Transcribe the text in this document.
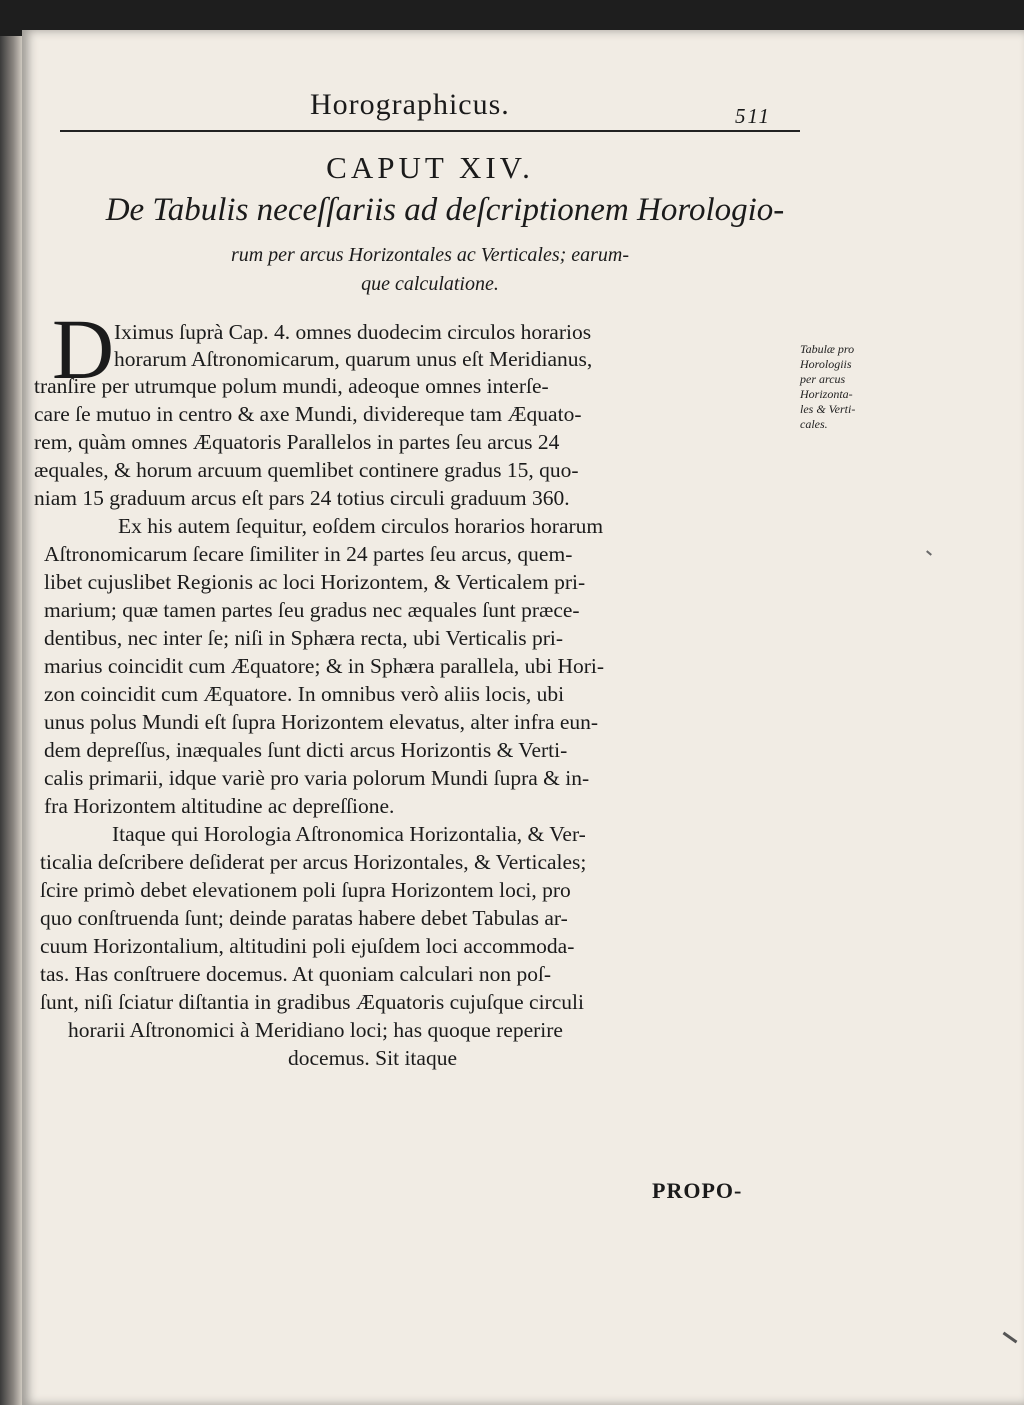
Horographicus.	511
CAPUT XIV.
De Tabulis neceſſariis ad deſcriptionem Horologio-
rum per arcus Horizontales ac Verticales; earum-
que calculatione.
D Iximus ſuprà Cap. 4. omnes duodecim circulos horarios
horarum Aſtronomicarum, quarum unus eſt Meridianus,
tranſire per utrumque polum mundi, adeoque omnes interſe-
care ſe mutuo in centro & axe Mundi, dividereque tam Æquato-
rem, quàm omnes Æquatoris Parallelos in partes ſeu arcus 24
æquales, & horum arcuum quemlibet continere gradus 15, quo-
niam 15 graduum arcus eſt pars 24 totius circuli graduum 360.
Ex his autem ſequitur, eoſdem circulos horarios horarum
Aſtronomicarum ſecare ſimiliter in 24 partes ſeu arcus, quem-
libet cujuslibet Regionis ac loci Horizontem, & Verticalem pri-
marium; quæ tamen partes ſeu gradus nec æquales ſunt præce-
dentibus, nec inter ſe; niſi in Sphæra recta, ubi Verticalis pri-
marius coincidit cum Æquatore; & in Sphæra parallela, ubi Hori-
zon coincidit cum Æquatore. In omnibus verò aliis locis, ubi
unus polus Mundi eſt ſupra Horizontem elevatus, alter infra eun-
dem depreſſus, inæquales ſunt dicti arcus Horizontis & Verti-
calis primarii, idque variè pro varia polorum Mundi ſupra & in-
fra Horizontem altitudine ac depreſſione.
Itaque qui Horologia Aſtronomica Horizontalia, & Ver-
ticalia deſcribere deſiderat per arcus Horizontales, & Verticales;
ſcire primò debet elevationem poli ſupra Horizontem loci, pro
quo conſtruenda ſunt; deinde paratas habere debet Tabulas ar-
cuum Horizontalium, altitudini poli ejuſdem loci accommoda-
tas. Has conſtruere docemus. At quoniam calculari non poſ-
ſunt, niſi ſciatur diſtantia in gradibus Æquatoris cujuſque circuli
horarii Aſtronomici à Meridiano loci; has quoque reperire
docemus. Sit itaque
Tabulæ pro
Horologiis
per arcus
Horizonta-
les & Verti-
cales.
PROPO-
